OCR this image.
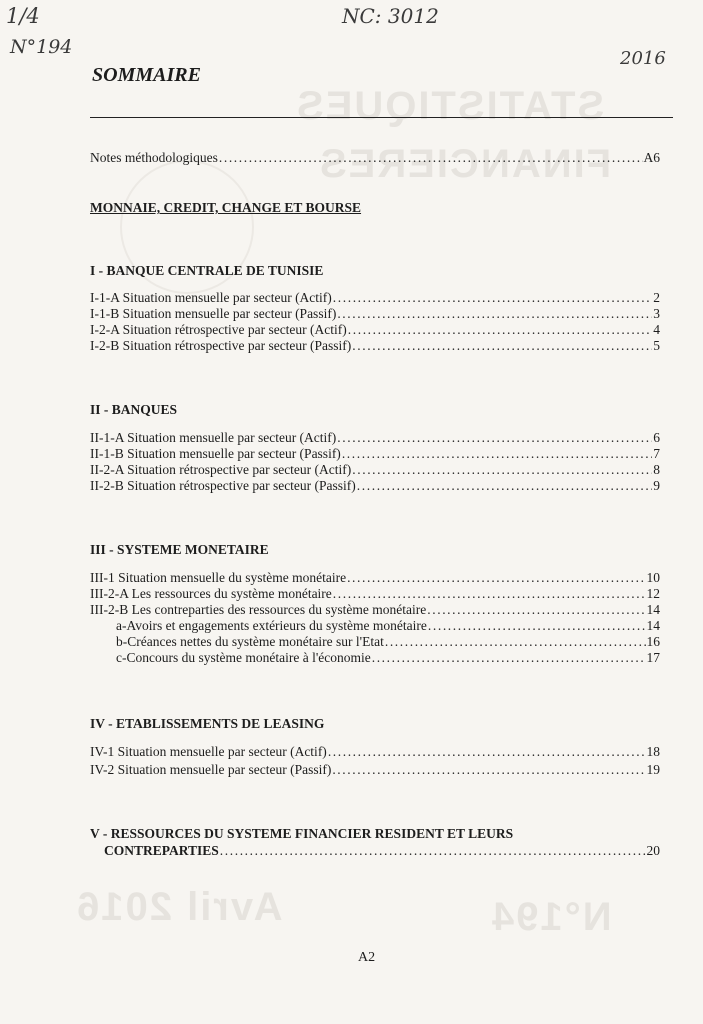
1/4
N°194
NC: 3012
2016
STATISTIQUES
FINANCIERES
Avril 2016	N°194
SOMMAIRE
Notes méthodologiques .....	A6
MONNAIE, CREDIT, CHANGE ET BOURSE
I - BANQUE CENTRALE DE TUNISIE
I-1-A Situation mensuelle par secteur (Actif) .....	2
I-1-B Situation mensuelle par secteur (Passif) .....	3
I-2-A Situation rétrospective par secteur (Actif) .....	4
I-2-B Situation rétrospective par secteur (Passif) .....	5
II - BANQUES
II-1-A Situation mensuelle par secteur (Actif) .....	6
II-1-B Situation mensuelle par secteur (Passif) .....	7
II-2-A Situation rétrospective par secteur (Actif) .....	8
II-2-B Situation rétrospective par secteur (Passif) .....	9
III - SYSTEME MONETAIRE
III-1 Situation mensuelle du système monétaire .....	10
III-2-A Les ressources du système monétaire .....	12
III-2-B Les contreparties des ressources du système monétaire .....	14
a-Avoirs et engagements extérieurs du système monétaire .....	14
b-Créances nettes du système monétaire sur l'Etat .....	16
c-Concours du système monétaire à l'économie .....	17
IV - ETABLISSEMENTS DE LEASING
IV-1 Situation mensuelle par secteur (Actif) .....	18
IV-2 Situation mensuelle par secteur (Passif) .....	19
V - RESSOURCES DU SYSTEME FINANCIER RESIDENT ET LEURS
CONTREPARTIES .....	20
A2
